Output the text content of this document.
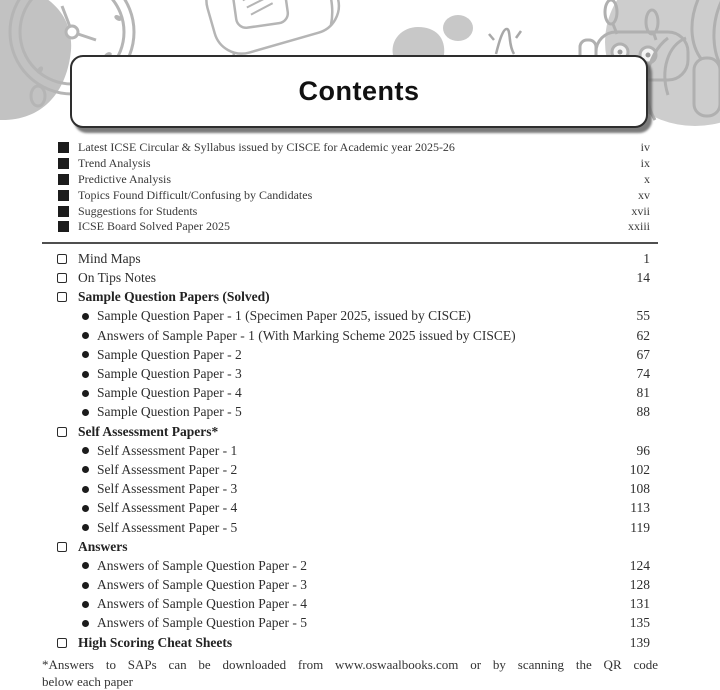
Contents
Latest ICSE Circular & Syllabus issued by CISCE for Academic year 2025-26	iv
Trend Analysis	ix
Predictive Analysis	x
Topics Found Difficult/Confusing by Candidates	xv
Suggestions for Students	xvii
ICSE Board Solved Paper 2025	xxiii
Mind Maps	1
On Tips Notes	14
Sample Question Papers (Solved)
Sample Question Paper - 1 (Specimen Paper 2025, issued by CISCE)	55
Answers of Sample Paper - 1 (With Marking Scheme 2025 issued by CISCE)	62
Sample Question Paper - 2	67
Sample Question Paper - 3	74
Sample Question Paper - 4	81
Sample Question Paper - 5	88
Self Assessment Papers*
Self Assessment Paper - 1	96
Self Assessment Paper - 2	102
Self Assessment Paper - 3	108
Self Assessment Paper - 4	113
Self Assessment Paper - 5	119
Answers
Answers of Sample Question Paper - 2	124
Answers of Sample Question Paper - 3	128
Answers of Sample Question Paper - 4	131
Answers of Sample Question Paper - 5	135
High Scoring Cheat Sheets	139
*Answers to SAPs can be downloaded from www.oswaalbooks.com or by scanning the QR code
below each paper
